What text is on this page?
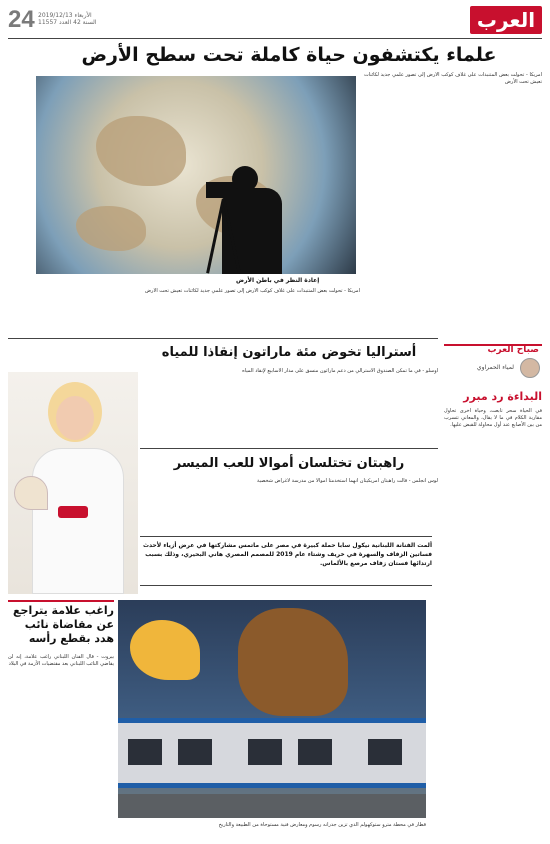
24 الأربعاء 2019/12/13
السنة 42 العدد 11557	العرب
علماء يكتشفون حياة كاملة تحت سطح الأرض
أمريكا - تحولت بعض المتنبذات على غلاف كوكب الأرض إلى تصور علمي جديد لكائنات تعيش تحت الأرض
إعادة النظر في باطن الأرض
أمريكا - تحولت بعض المتنبذات على غلاف كوكب الأرض إلى تصور علمي جديد لكائنات تعيش تحت الأرض
صباح العرب
لمياء الحمراوي
البداءة رد مبرر
في الحياة سحر تابعت، وحياة أخرى تحاول مقاربة الكلام في ما لا يقال، والمعاني تتسرب من بين الأصابع عند أول محاولة للقبض عليها.
أستراليا تخوض مئة ماراتون إنقاذا للمياه
أوسلو - في ما تمكن الصندوق الأسترالي من دعم ماراثون منسق على مدار الأسابيع لإنقاذ المياه
راهبتان تختلسان أموالا للعب الميسر
لوس أنجلس - قالت راهبتان أمريكيتان انهما استخدمتا أموالا من مدرسة لأغراض شخصية
ألمت الفنانة اللبنانية نيكول سابا حملة كبيرة في مصر على ماتمس مشاركتها في عرض أزياء لأحدث فساتين الزفاف والسهرة في خريف وشتاء عام 2019 للمصمم المصري هاني البحيري، وذلك بسبب ارتدائها فستان زفاف مرصع بالألماس.
راغب علامة يتراجع عن مقاضاة نائب هدد بقطع رأسه
بيروت - قال الفنان اللبناني راغب علامة، إنه لن يقاضي النائب اللبناني بعد مقتضيات الأزمة في البلاد
قطار في محطة مترو ستوكهولم الذي تزين جدرانه رسوم ومعارض فنية مستوحاة من الطبيعة والتاريخ
